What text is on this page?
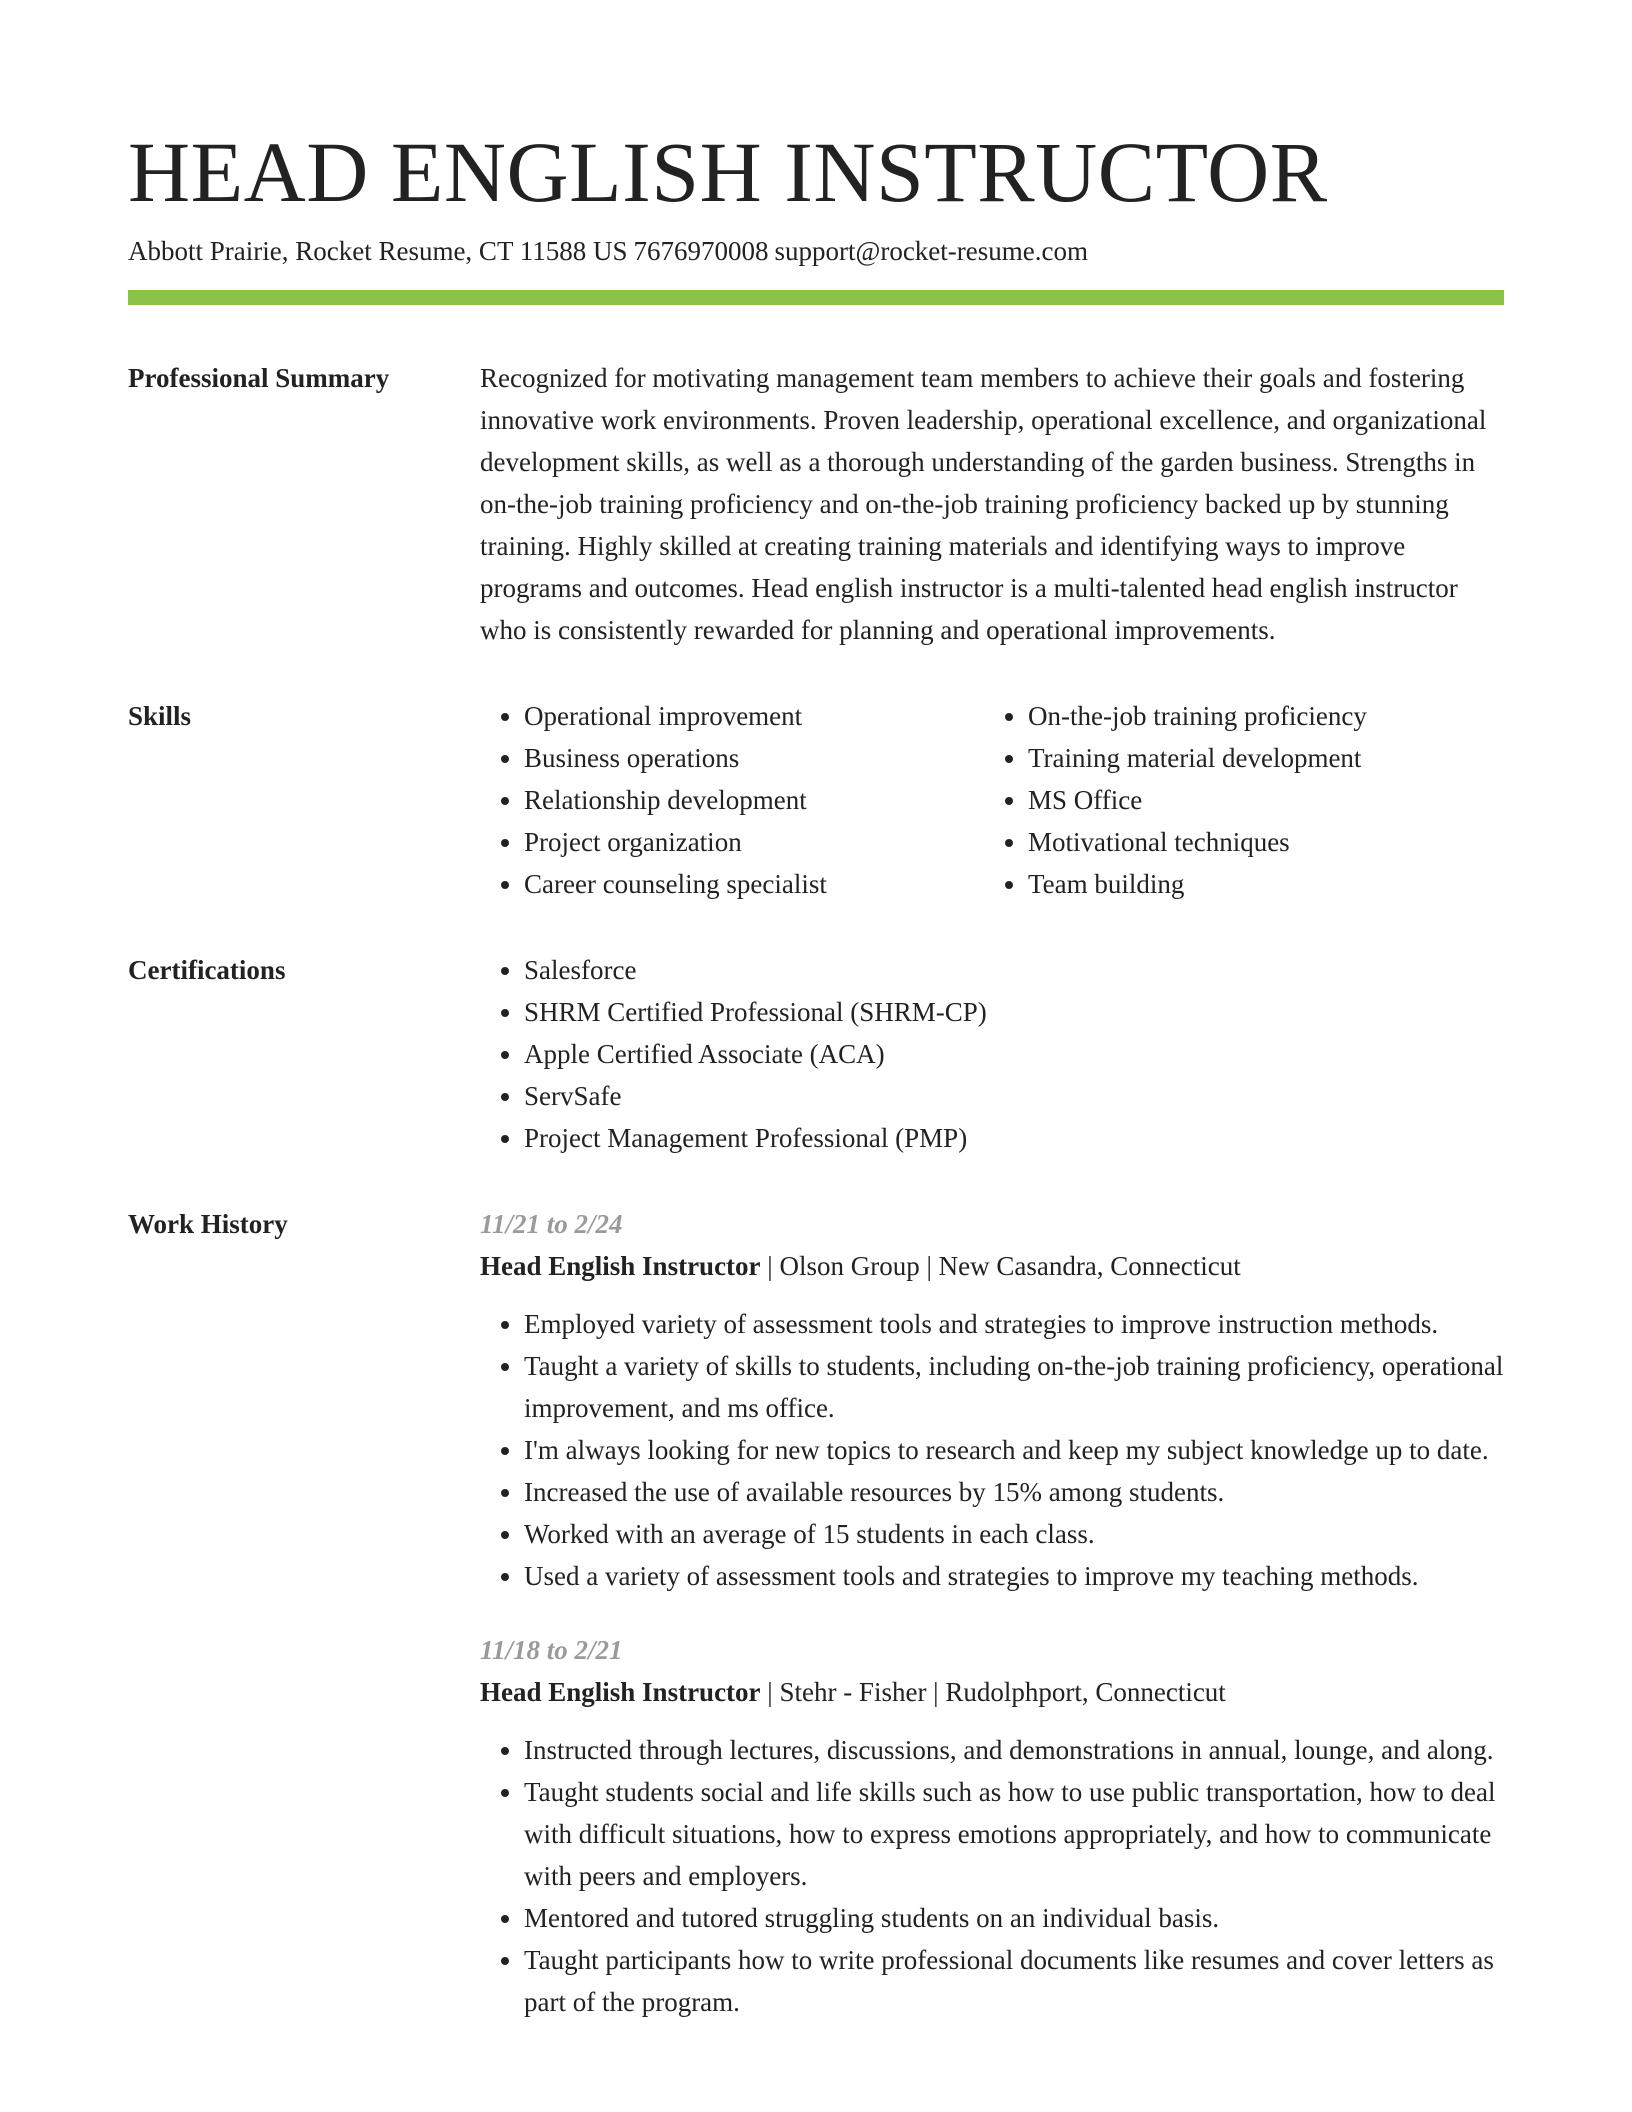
HEAD ENGLISH INSTRUCTOR
Abbott Prairie, Rocket Resume, CT 11588 US 7676970008 support@rocket-resume.com
Professional Summary	Recognized for motivating management team members to achieve their goals and fostering innovative work environments. Proven leadership, operational excellence, and organizational development skills, as well as a thorough understanding of the garden business. Strengths in on-the-job training proficiency and on-the-job training proficiency backed up by stunning training. Highly skilled at creating training materials and identifying ways to improve programs and outcomes. Head english instructor is a multi-talented head english instructor who is consistently rewarded for planning and operational improvements.

Skills	• Operational improvement
• Business operations
• Relationship development
• Project organization
• Career counseling specialist
• On-the-job training proficiency
• Training material development
• MS Office
• Motivational techniques
• Team building
Certifications	• Salesforce
• SHRM Certified Professional (SHRM-CP)
• Apple Certified Associate (ACA)
• ServSafe
• Project Management Professional (PMP)
Work History	11/21 to 2/24
Head English Instructor | Olson Group | New Casandra, Connecticut
• Employed variety of assessment tools and strategies to improve instruction methods.
• Taught a variety of skills to students, including on-the-job training proficiency, operational improvement, and ms office.
• I'm always looking for new topics to research and keep my subject knowledge up to date.
• Increased the use of available resources by 15% among students.
• Worked with an average of 15 students in each class.
• Used a variety of assessment tools and strategies to improve my teaching methods.
11/18 to 2/21
Head English Instructor | Stehr - Fisher | Rudolphport, Connecticut
• Instructed through lectures, discussions, and demonstrations in annual, lounge, and along.
• Taught students social and life skills such as how to use public transportation, how to deal with difficult situations, how to express emotions appropriately, and how to communicate with peers and employers.
• Mentored and tutored struggling students on an individual basis.
• Taught participants how to write professional documents like resumes and cover letters as part of the program.
